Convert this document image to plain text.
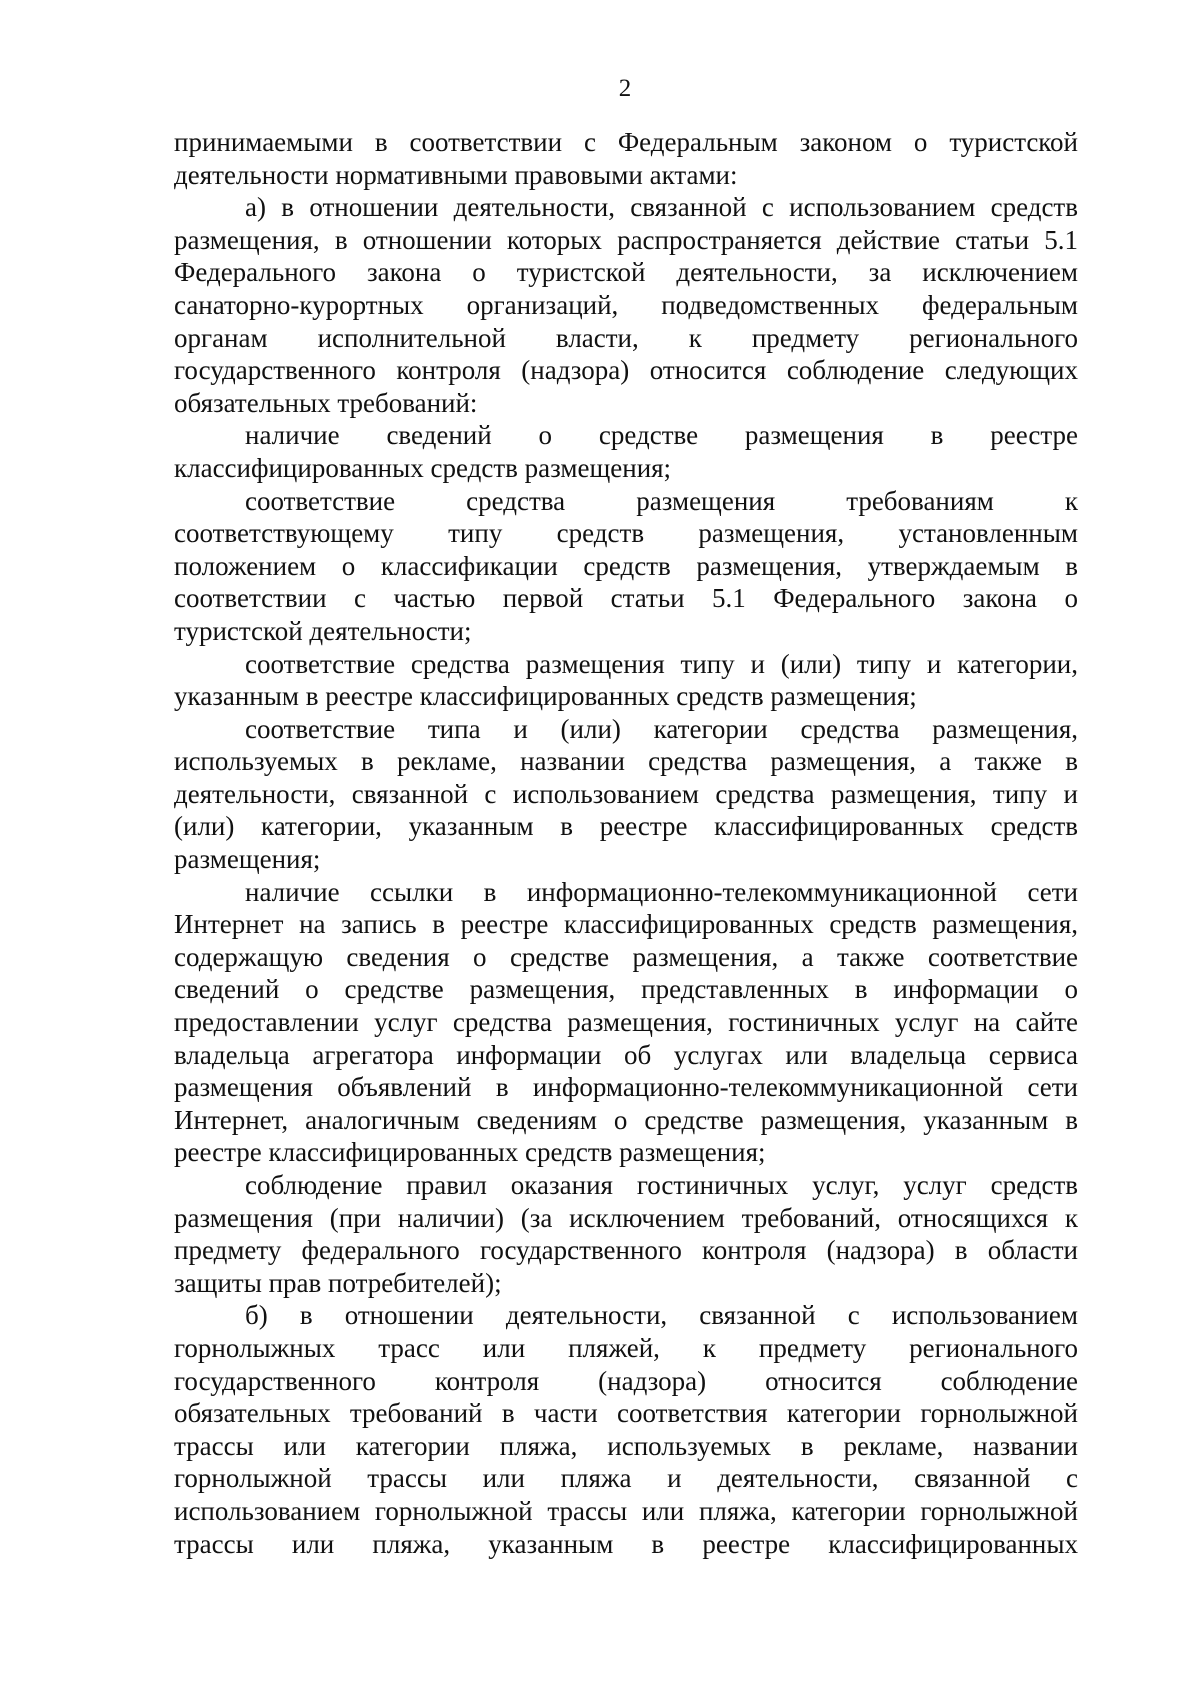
2
принимаемыми в соответствии с Федеральным законом о туристской
деятельности нормативными правовыми актами:
а) в отношении деятельности, связанной с использованием средств
размещения, в отношении которых распространяется действие статьи 5.1
Федерального закона о туристской деятельности, за исключением
санаторно-курортных организаций, подведомственных федеральным
органам исполнительной власти, к предмету регионального
государственного контроля (надзора) относится соблюдение следующих
обязательных требований:
наличие сведений о средстве размещения в реестре
классифицированных средств размещения;
соответствие средства размещения требованиям к
соответствующему типу средств размещения, установленным
положением о классификации средств размещения, утверждаемым в
соответствии с частью первой статьи 5.1 Федерального закона о
туристской деятельности;
соответствие средства размещения типу и (или) типу и категории,
указанным в реестре классифицированных средств размещения;
соответствие типа и (или) категории средства размещения,
используемых в рекламе, названии средства размещения, а также в
деятельности, связанной с использованием средства размещения, типу и
(или) категории, указанным в реестре классифицированных средств
размещения;
наличие ссылки в информационно-телекоммуникационной сети
Интернет на запись в реестре классифицированных средств размещения,
содержащую сведения о средстве размещения, а также соответствие
сведений о средстве размещения, представленных в информации о
предоставлении услуг средства размещения, гостиничных услуг на сайте
владельца агрегатора информации об услугах или владельца сервиса
размещения объявлений в информационно-телекоммуникационной сети
Интернет, аналогичным сведениям о средстве размещения, указанным в
реестре классифицированных средств размещения;
соблюдение правил оказания гостиничных услуг, услуг средств
размещения (при наличии) (за исключением требований, относящихся к
предмету федерального государственного контроля (надзора) в области
защиты прав потребителей);
б) в отношении деятельности, связанной с использованием
горнолыжных трасс или пляжей, к предмету регионального
государственного контроля (надзора) относится соблюдение
обязательных требований в части соответствия категории горнолыжной
трассы или категории пляжа, используемых в рекламе, названии
горнолыжной трассы или пляжа и деятельности, связанной с
использованием горнолыжной трассы или пляжа, категории горнолыжной
трассы или пляжа, указанным в реестре классифицированных
